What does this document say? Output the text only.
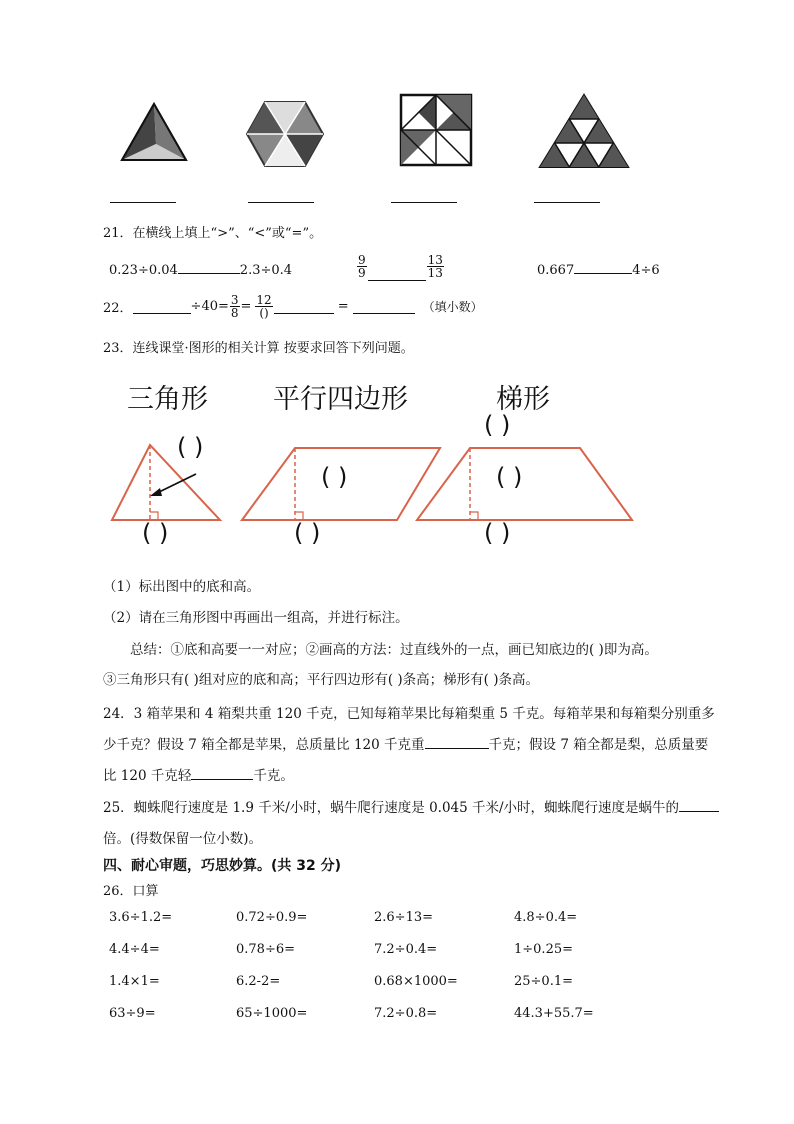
21．在横线上填上“>”、“<”或“=”。
0.23÷0.04	2.3÷0.4	$\frac{9}{9}$	$\frac{13}{13}$	0.667	4÷6
22．	$\div 40= \frac{3}{8} = \frac{12}{()}$	=	（填小数）
23．连线课堂·图形的相关计算 按要求回答下列问题。
三角形 平行四边形	梯形
( )
( )
( )
( )
( )	( )	( )
（1）标出图中的底和高。
（2）请在三角形图中再画出一组高，并进行标注。
总结：①底和高要一一对应；②画高的方法：过直线外的一点，画已知底边的( )即为高。
③三角形只有( )组对应的底和高；平行四边形有( )条高；梯形有( )条高。
24．3 箱苹果和 4 箱梨共重 120 千克，已知每箱苹果比每箱梨重 5 千克。每箱苹果和每箱梨分别重多
少千克？假设 7 箱全都是苹果，总质量比 120 千克重	千克；假设 7 箱全都是梨，总质量要
比 120 千克轻	千克。
25．蜘蛛爬行速度是 1.9 千米/小时，蜗牛爬行速度是 0.045 千米/小时，蜘蛛爬行速度是蜗牛的
倍。(得数保留一位小数)。
四、耐心审题，巧思妙算。(共 32 分)
26．口算
3.6÷1.2=	0.72÷0.9=	2.6÷13=	4.8÷0.4=
4.4÷4=	0.78÷6=	7.2÷0.4=	1÷0.25=
1.4×1=	6.2-2=	0.68×1000=	25÷0.1=
63÷9=	65÷1000=	7.2÷0.8=	44.3+55.7=
